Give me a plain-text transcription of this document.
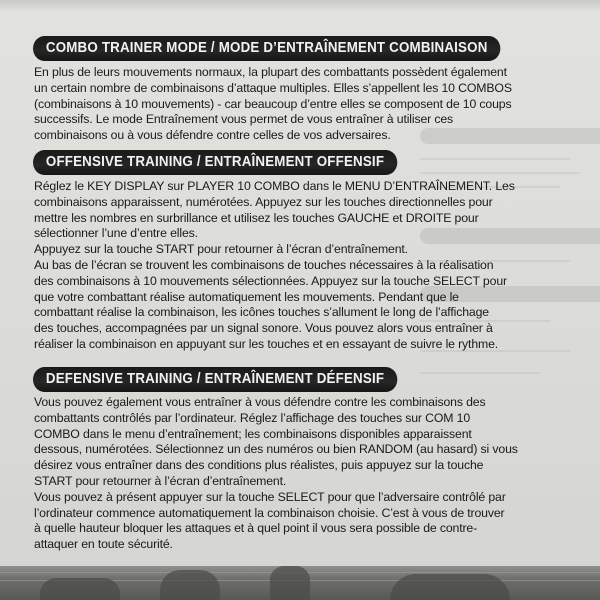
COMBO TRAINER MODE / MODE D’ENTRAÎNEMENT COMBINAISON
En plus de leurs mouvements normaux, la plupart des combattants possèdent également
un certain nombre de combinaisons d’attaque multiples. Elles s’appellent les 10 COMBOS
(combinaisons à 10 mouvements) - car beaucoup d’entre elles se composent de 10 coups
successifs. Le mode Entraînement vous permet de vous entraîner à utiliser ces
combinaisons ou à vous défendre contre celles de vos adversaires.
OFFENSIVE TRAINING / ENTRAÎNEMENT OFFENSIF
Réglez le KEY DISPLAY sur PLAYER 10 COMBO dans le MENU D’ENTRAÎNEMENT. Les
combinaisons apparaissent, numérotées. Appuyez sur les touches directionnelles pour
mettre les nombres en surbrillance et utilisez les touches GAUCHE et DROITE pour
sélectionner l’une d’entre elles.
Appuyez sur la touche START pour retourner à l’écran d’entraînement.
Au bas de l’écran se trouvent les combinaisons de touches nécessaires à la réalisation
des combinaisons à 10 mouvements sélectionnées. Appuyez sur la touche SELECT pour
que votre combattant réalise automatiquement les mouvements. Pendant que le
combattant réalise la combinaison, les icônes touches s’allument le long de l’affichage
des touches, accompagnées par un signal sonore. Vous pouvez alors vous entraîner à
réaliser la combinaison en appuyant sur les touches et en essayant de suivre le rythme.
DEFENSIVE TRAINING / ENTRAÎNEMENT DÉFENSIF
Vous pouvez également vous entraîner à vous défendre contre les combinaisons des
combattants contrôlés par l’ordinateur. Réglez l’affichage des touches sur COM 10
COMBO dans le menu d’entraînement; les combinaisons disponibles apparaissent
dessous, numérotées. Sélectionnez un des numéros ou bien RANDOM (au hasard) si vous
désirez vous entraîner dans des conditions plus réalistes, puis appuyez sur la touche
START pour retourner à l’écran d’entraînement.
Vous pouvez à présent appuyer sur la touche SELECT pour que l’adversaire contrôlé par
l’ordinateur commence automatiquement la combinaison choisie. C’est à vous de trouver
à quelle hauteur bloquer les attaques et à quel point il vous sera possible de contre-
attaquer en toute sécurité.
